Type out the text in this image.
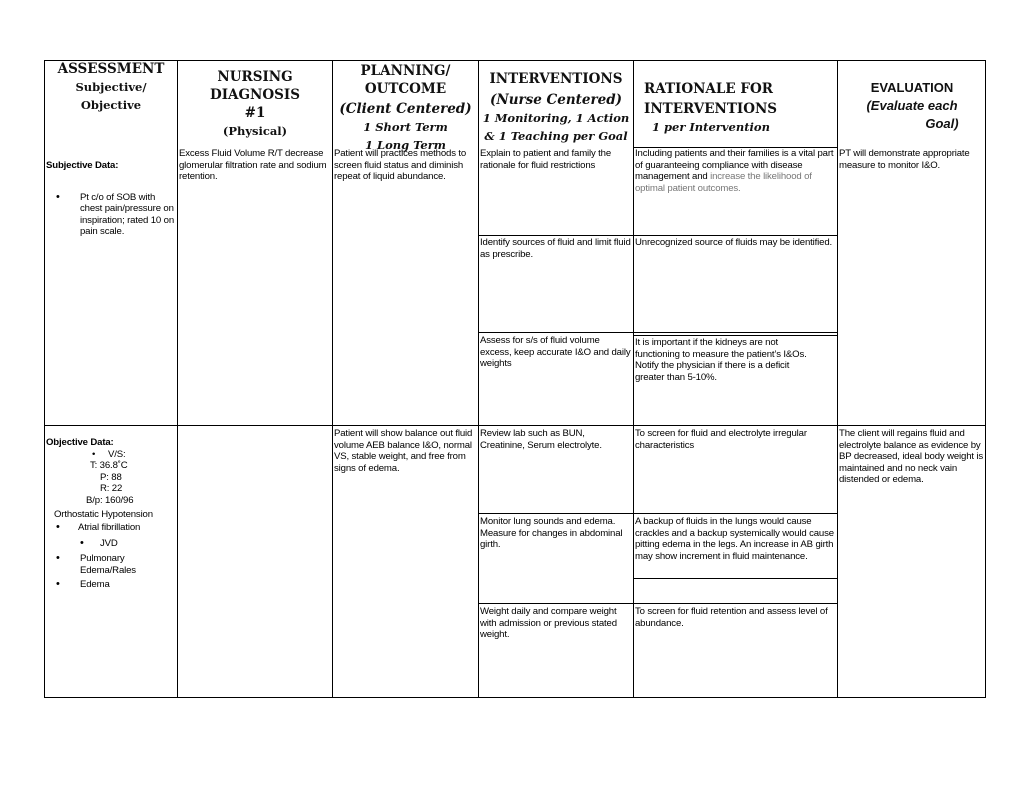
ASSESSMENT
Subjective/
Objective
NURSING
DIAGNOSIS
#1
(Physical)
PLANNING/
OUTCOME
(Client Centered)
1 Short Term
1 Long Term
INTERVENTIONS
(Nurse Centered)
1 Monitoring, 1 Action
& 1 Teaching per Goal
RATIONALE FOR
INTERVENTIONS
1 per Intervention
EVALUATION
(Evaluate each
Goal)
Subjective Data:
• Pt c/o of SOB with chest pain/pressure on inspiration; rated 10 on pain scale.
Objective Data:
• V/S:
T: 36.8˚C
P: 88
R: 22
B/p: 160/96
Orthostatic Hypotension
• Atrial fibrillation
• JVD
• Pulmonary Edema/Rales
• Edema
Excess Fluid Volume R/T decrease glomerular filtration rate and sodium retention.
Patient will practices methods to screen fluid status and diminish repeat of liquid abundance.
Patient will show balance out fluid volume AEB balance I&O, normal VS, stable weight, and free from signs of edema.
Explain to patient and family the rationale for fluid restrictions
Identify sources of fluid and limit fluid as prescribe.
Assess for s/s of fluid volume excess, keep accurate I&O and daily weights
Review lab such as BUN, Creatinine, Serum electrolyte.
Monitor lung sounds and edema. Measure for changes in abdominal girth.
Weight daily and compare weight with admission or previous stated weight.
Including patients and their families is a vital part of guaranteeing compliance with disease management and increase the likelihood of optimal patient outcomes.
Unrecognized source of fluids may be identified.
It is important if the kidneys are not functioning to measure the patient’s I&Os. Notify the physician if there is a deficit greater than 5-10%.
To screen for fluid and electrolyte irregular characteristics
A backup of fluids in the lungs would cause crackles and a backup systemically would cause pitting edema in the legs. An increase in AB girth may show increment in fluid maintenance.
To screen for fluid retention and assess level of abundance.
PT will demonstrate appropriate measure to monitor I&O.
The client will regains fluid and electrolyte balance as evidence by BP decreased, ideal body weight is maintained and no neck vain distended or edema.
